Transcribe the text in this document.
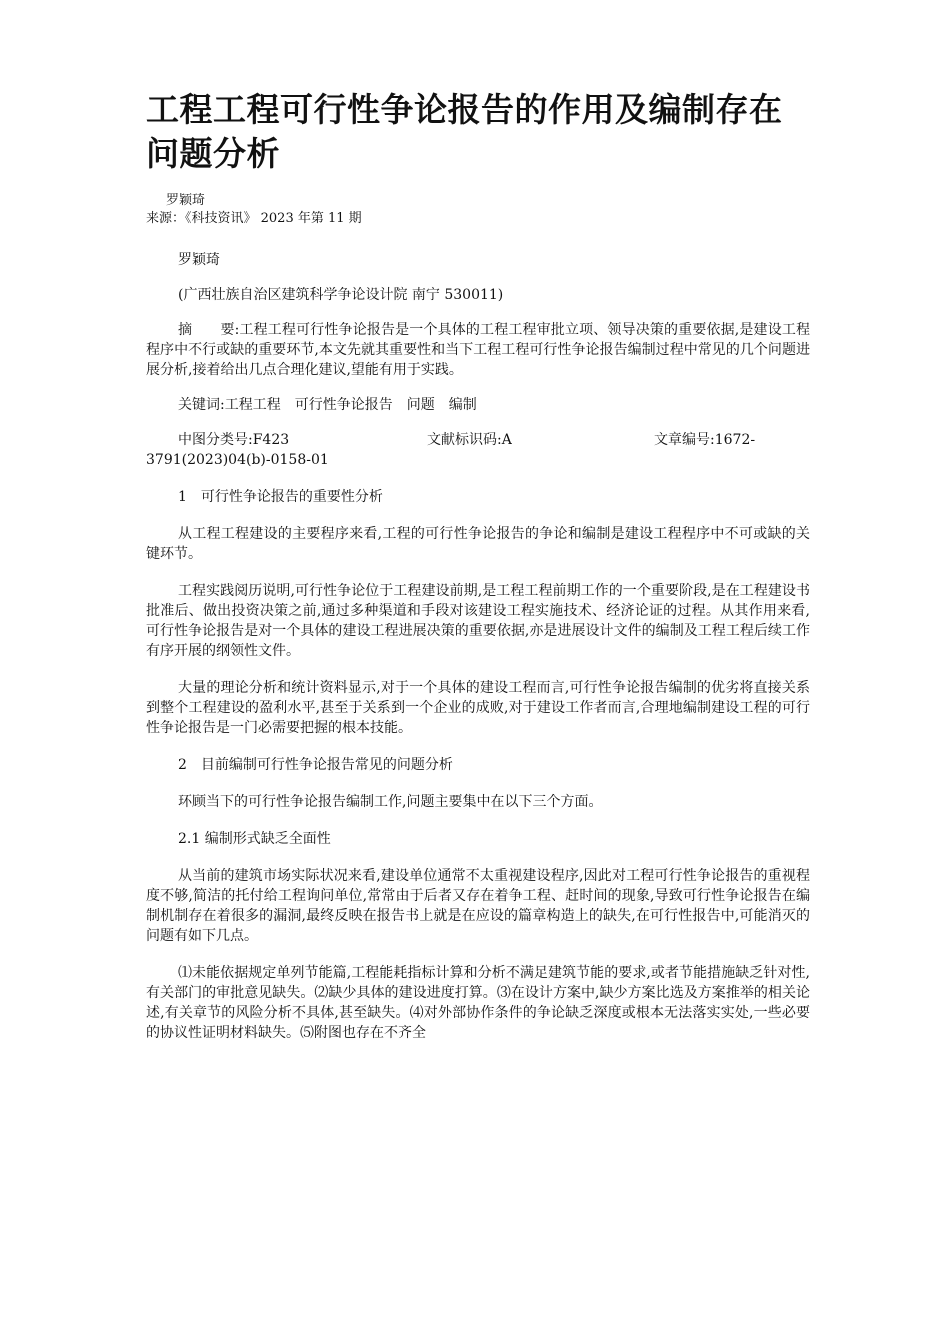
工程工程可行性争论报告的作用及编制存在问题分析
罗颖琦
来源：《科技资讯》 2023 年第 11 期

罗颖琦

(广西壮族自治区建筑科学争论设计院 南宁 530011)

摘　　要:工程工程可行性争论报告是一个具体的工程工程审批立项、领导决策的重要依据,是建设工程程序中不行或缺的重要环节,本文先就其重要性和当下工程工程可行性争论报告编制过程中常见的几个问题进展分析,接着给出几点合理化建议,望能有用于实践。

关键词:工程工程　可行性争论报告　问题　编制

中图分类号:F423	文献标识码:A	文章编号:1672-
3791(2023)04(b)-0158-01

1　可行性争论报告的重要性分析

从工程工程建设的主要程序来看,工程的可行性争论报告的争论和编制是建设工程程序中不可或缺的关键环节。

工程实践阅历说明,可行性争论位于工程建设前期,是工程工程前期工作的一个重要阶段,是在工程建设书批准后、做出投资决策之前,通过多种渠道和手段对该建设工程实施技术、经济论证的过程。从其作用来看,可行性争论报告是对一个具体的建设工程进展决策的重要依据,亦是进展设计文件的编制及工程工程后续工作有序开展的纲领性文件。

大量的理论分析和统计资料显示,对于一个具体的建设工程而言,可行性争论报告编制的优劣将直接关系到整个工程建设的盈利水平,甚至于关系到一个企业的成败,对于建设工作者而言,合理地编制建设工程的可行性争论报告是一门必需要把握的根本技能。

2　目前编制可行性争论报告常见的问题分析

环顾当下的可行性争论报告编制工作,问题主要集中在以下三个方面。

2.1 编制形式缺乏全面性

从当前的建筑市场实际状况来看,建设单位通常不太重视建设程序,因此对工程可行性争论报告的重视程度不够,简洁的托付给工程询问单位,常常由于后者又存在着争工程、赶时间的现象,导致可行性争论报告在编制机制存在着很多的漏洞,最终反映在报告书上就是在应设的篇章构造上的缺失,在可行性报告中,可能消灭的问题有如下几点。

⑴未能依据规定单列节能篇,工程能耗指标计算和分析不满足建筑节能的要求,或者节能措施缺乏针对性,有关部门的审批意见缺失。⑵缺少具体的建设进度打算。⑶在设计方案中,缺少方案比选及方案推举的相关论述,有关章节的风险分析不具体,甚至缺失。⑷对外部协作条件的争论缺乏深度或根本无法落实实处,一些必要的协议性证明材料缺失。⑸附图也存在不齐全
